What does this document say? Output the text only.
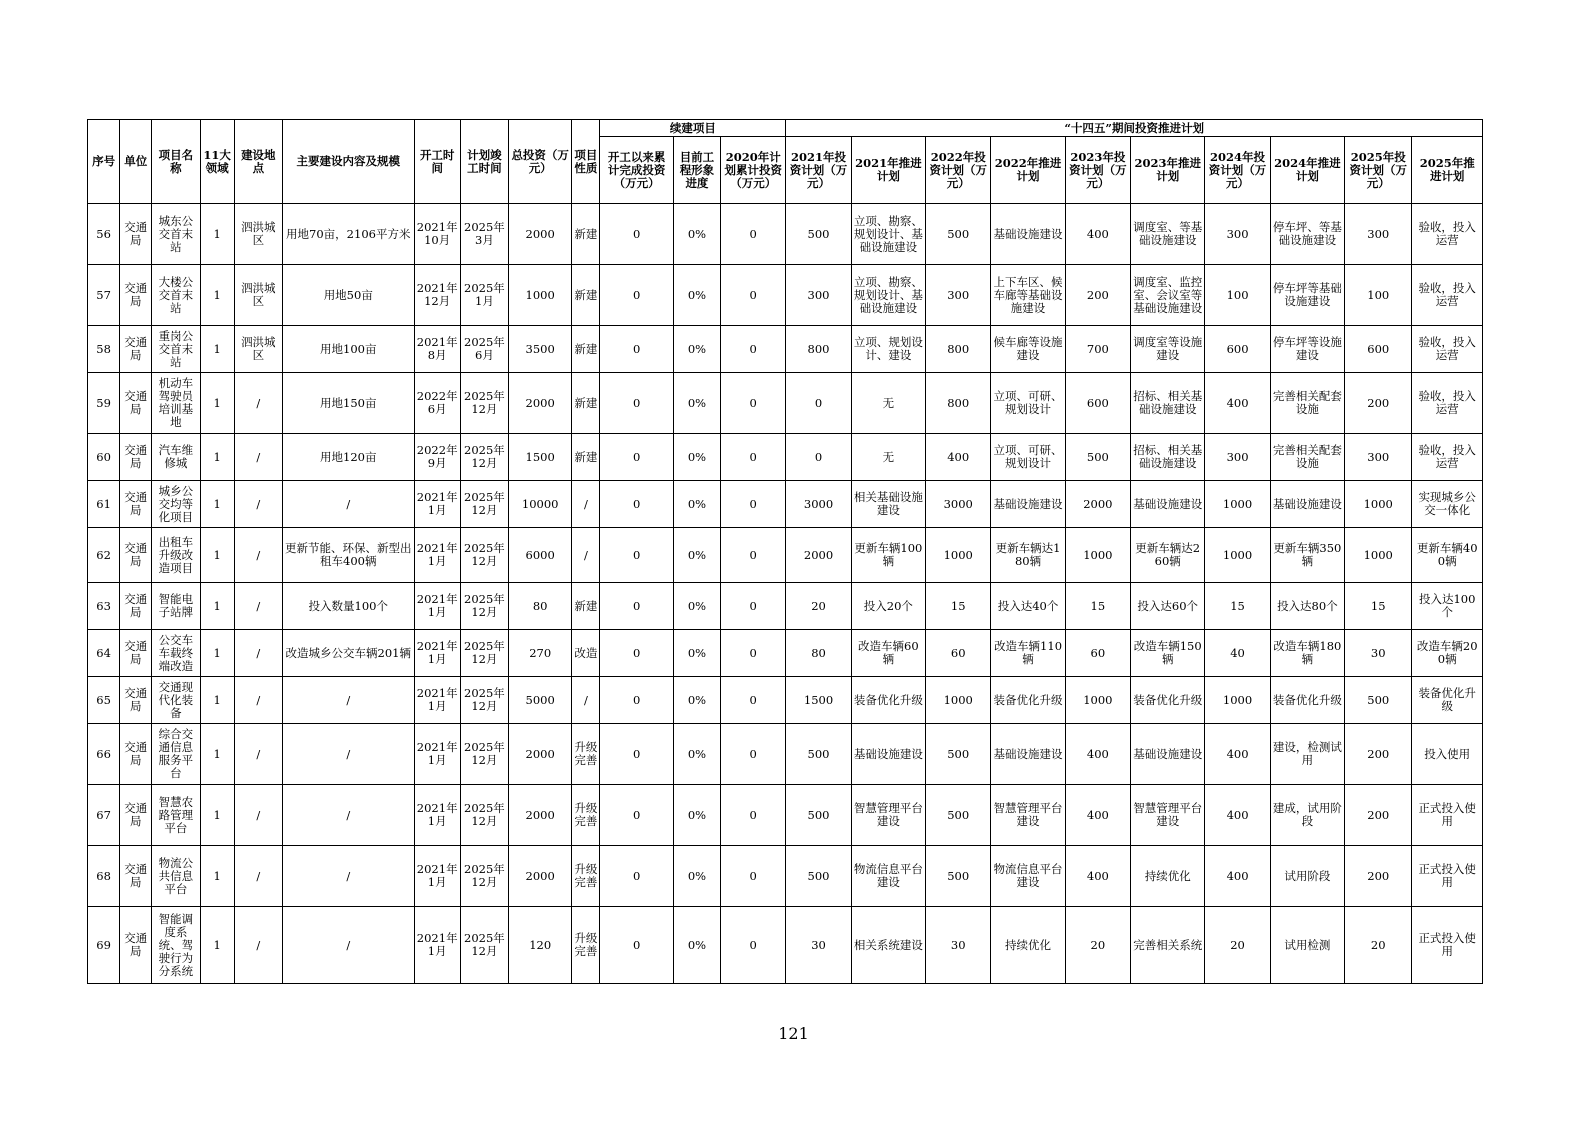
序号	单位	项目名称	11大领域	建设地点	主要建设内容及规模	开工时间	计划竣工时间	总投资（万元）	项目性质	续建项目			“十四五”期间投资推进计划									
										开工以来累计完成投资（万元）	目前工程形象进度	2020年计划累计投资（万元）	2021年投资计划（万元）	2021年推进计划	2022年投资计划（万元）	2022年推进计划	2023年投资计划（万元）	2023年推进计划	2024年投资计划（万元）	2024年推进计划	2025年投资计划（万元）	2025年推进计划
56	交通局	城东公交首末站	1	泗洪城区	用地70亩，2106平方米	2021年10月	2025年3月	2000	新建	0	0%	0	500	立项、勘察、规划设计、基础设施建设	500	基础设施建设	400	调度室、等基础设施建设	300	停车坪、等基础设施建设	300	验收，投入运营
57	交通局	大楼公交首末站	1	泗洪城区	用地50亩	2021年12月	2025年1月	1000	新建	0	0%	0	300	立项、勘察、规划设计、基础设施建设	300	上下车区、候车廊等基础设施建设	200	调度室、监控室、会议室等基础设施建设	100	停车坪等基础设施建设	100	验收，投入运营
58	交通局	重岗公交首末站	1	泗洪城区	用地100亩	2021年8月	2025年6月	3500	新建	0	0%	0	800	立项、规划设计、建设	800	候车廊等设施建设	700	调度室等设施建设	600	停车坪等设施建设	600	验收，投入运营
59	交通局	机动车驾驶员培训基地	1	/	用地150亩	2022年6月	2025年12月	2000	新建	0	0%	0	0	无	800	立项、可研、规划设计	600	招标、相关基础设施建设	400	完善相关配套设施	200	验收，投入运营
60	交通局	汽车维修城	1	/	用地120亩	2022年9月	2025年12月	1500	新建	0	0%	0	0	无	400	立项、可研、规划设计	500	招标、相关基础设施建设	300	完善相关配套设施	300	验收，投入运营
61	交通局	城乡公交均等化项目	1	/	/	2021年1月	2025年12月	10000	/	0	0%	0	3000	相关基础设施建设	3000	基础设施建设	2000	基础设施建设	1000	基础设施建设	1000	实现城乡公交一体化
62	交通局	出租车升级改造项目	1	/	更新节能、环保、新型出租车400辆	2021年1月	2025年12月	6000	/	0	0%	0	2000	更新车辆100辆	1000	更新车辆达180辆	1000	更新车辆达260辆	1000	更新车辆350辆	1000	更新车辆400辆
63	交通局	智能电子站牌	1	/	投入数量100个	2021年1月	2025年12月	80	新建	0	0%	0	20	投入20个	15	投入达40个	15	投入达60个	15	投入达80个	15	投入达100个
64	交通局	公交车车载终端改造	1	/	改造城乡公交车辆201辆	2021年1月	2025年12月	270	改造	0	0%	0	80	改造车辆60辆	60	改造车辆110辆	60	改造车辆150辆	40	改造车辆180辆	30	改造车辆200辆
65	交通局	交通现代化装备	1	/	/	2021年1月	2025年12月	5000	/	0	0%	0	1500	装备优化升级	1000	装备优化升级	1000	装备优化升级	1000	装备优化升级	500	装备优化升级
66	交通局	综合交通信息服务平台	1	/	/	2021年1月	2025年12月	2000	升级完善	0	0%	0	500	基础设施建设	500	基础设施建设	400	基础设施建设	400	建设，检测试用	200	投入使用
67	交通局	智慧农路管理平台	1	/	/	2021年1月	2025年12月	2000	升级完善	0	0%	0	500	智慧管理平台建设	500	智慧管理平台建设	400	智慧管理平台建设	400	建成，试用阶段	200	正式投入使用
68	交通局	物流公共信息平台	1	/	/	2021年1月	2025年12月	2000	升级完善	0	0%	0	500	物流信息平台建设	500	物流信息平台建设	400	持续优化	400	试用阶段	200	正式投入使用
69	交通局	智能调度系统、驾驶行为分系统	1	/	/	2021年1月	2025年12月	120	升级完善	0	0%	0	30	相关系统建设	30	持续优化	20	完善相关系统	20	试用检测	20	正式投入使用
121
